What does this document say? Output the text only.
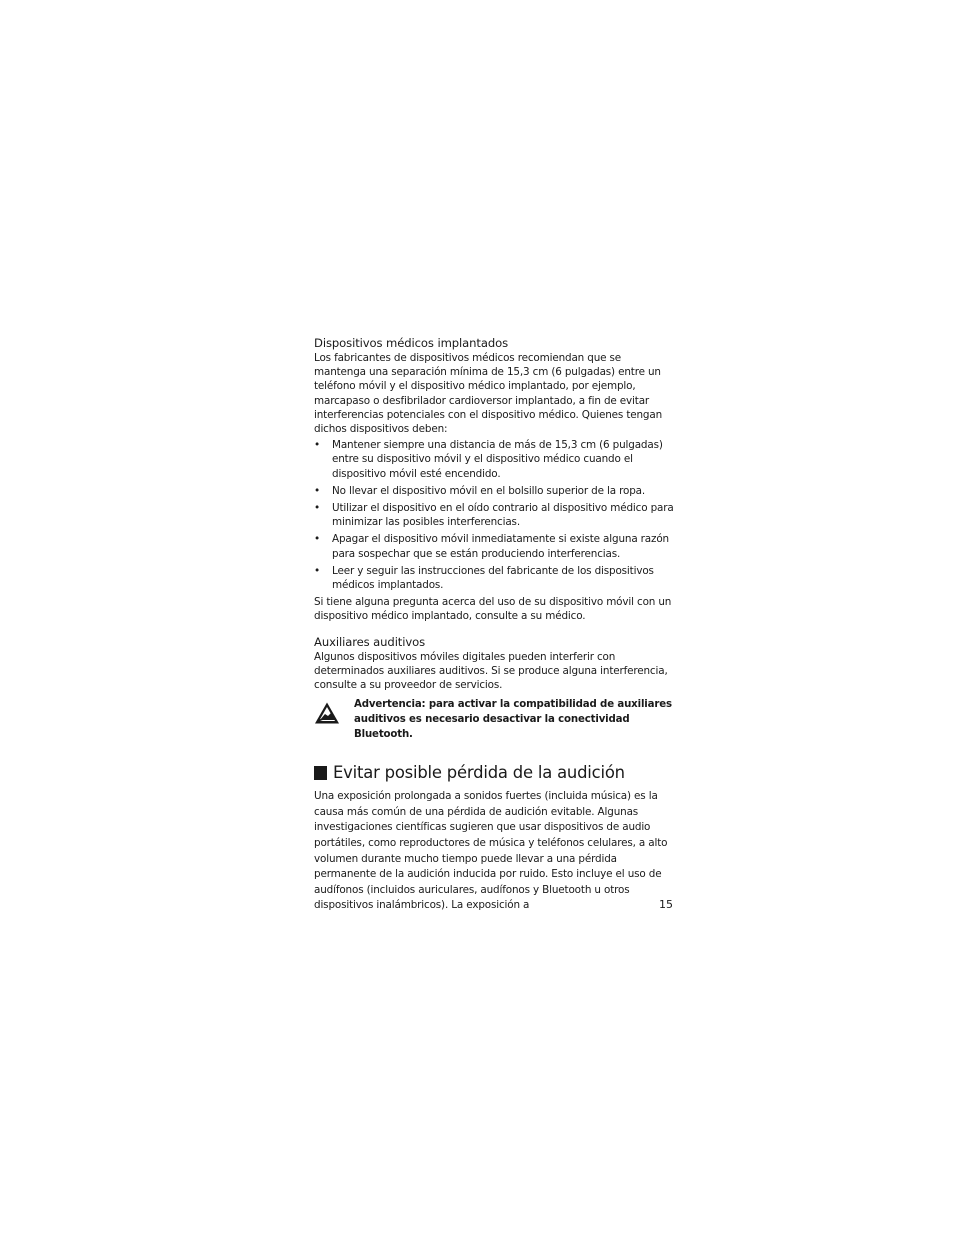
Dispositivos médicos implantados

Los fabricantes de dispositivos médicos recomiendan que se mantenga una separación mínima de 15,3 cm (6 pulgadas) entre un teléfono móvil y el dispositivo médico implantado, por ejemplo, marcapaso o desfibrilador cardioversor implantado, a fin de evitar interferencias potenciales con el dispositivo médico. Quienes tengan dichos dispositivos deben:

• Mantener siempre una distancia de más de 15,3 cm (6 pulgadas) entre su dispositivo móvil y el dispositivo médico cuando el dispositivo móvil esté encendido.
• No llevar el dispositivo móvil en el bolsillo superior de la ropa.
• Utilizar el dispositivo en el oído contrario al dispositivo médico para minimizar las posibles interferencias.
• Apagar el dispositivo móvil inmediatamente si existe alguna razón para sospechar que se están produciendo interferencias.
• Leer y seguir las instrucciones del fabricante de los dispositivos médicos implantados.

Si tiene alguna pregunta acerca del uso de su dispositivo móvil con un dispositivo médico implantado, consulte a su médico.

Auxiliares auditivos

Algunos dispositivos móviles digitales pueden interferir con determinados auxiliares auditivos. Si se produce alguna interferencia, consulte a su proveedor de servicios.

Advertencia: para activar la compatibilidad de auxiliares auditivos es necesario desactivar la conectividad Bluetooth.
Evitar posible pérdida de la audición

Una exposición prolongada a sonidos fuertes (incluida música) es la causa más común de una pérdida de audición evitable. Algunas investigaciones científicas sugieren que usar dispositivos de audio portátiles, como reproductores de música y teléfonos celulares, a alto volumen durante mucho tiempo puede llevar a una pérdida permanente de la audición inducida por ruido. Esto incluye el uso de audífonos (incluidos auriculares, audífonos y Bluetooth u otros dispositivos inalámbricos). La exposición a	15
